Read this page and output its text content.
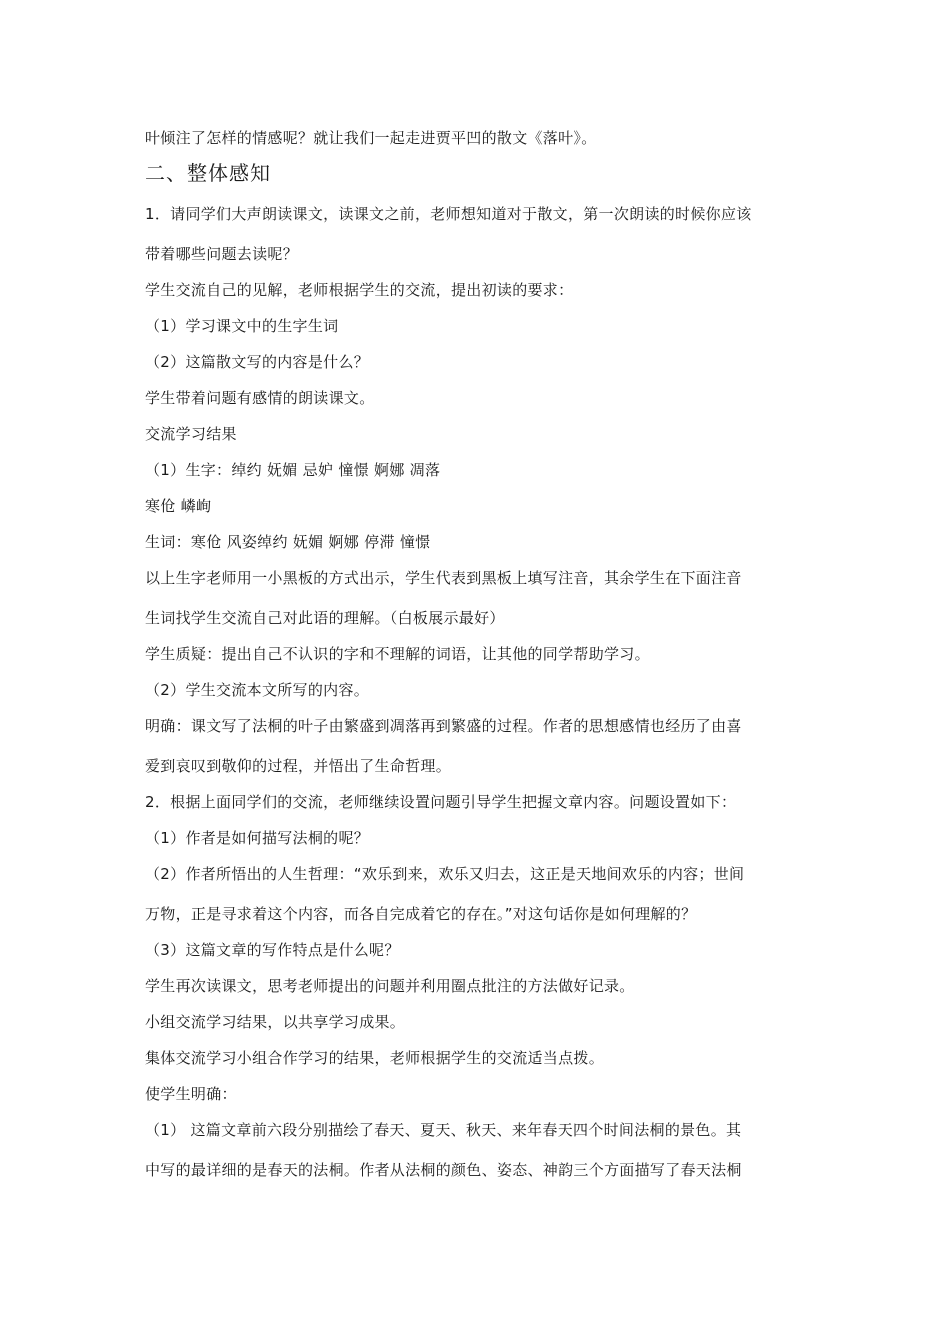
叶倾注了怎样的情感呢？就让我们一起走进贾平凹的散文《落叶》。
二、整体感知
1．请同学们大声朗读课文，读课文之前，老师想知道对于散文，第一次朗读的时候你应该
带着哪些问题去读呢？
学生交流自己的见解，老师根据学生的交流，提出初读的要求：
（1）学习课文中的生字生词
（2）这篇散文写的内容是什么？
学生带着问题有感情的朗读课文。
交流学习结果
（1）生字：绰约 妩媚 忌妒 憧憬 婀娜 凋落
寒伧 嶙峋
生词：寒伧 风姿绰约 妩媚 婀娜 停滞 憧憬
以上生字老师用一小黑板的方式出示，学生代表到黑板上填写注音，其余学生在下面注音
生词找学生交流自己对此语的理解。（白板展示最好）
学生质疑：提出自己不认识的字和不理解的词语，让其他的同学帮助学习。
（2）学生交流本文所写的内容。
明确：课文写了法桐的叶子由繁盛到凋落再到繁盛的过程。作者的思想感情也经历了由喜
爱到哀叹到敬仰的过程，并悟出了生命哲理。
2．根据上面同学们的交流，老师继续设置问题引导学生把握文章内容。问题设置如下：
（1）作者是如何描写法桐的呢？
（2）作者所悟出的人生哲理：“欢乐到来，欢乐又归去，这正是天地间欢乐的内容；世间
万物，正是寻求着这个内容，而各自完成着它的存在。”对这句话你是如何理解的？
（3）这篇文章的写作特点是什么呢？
学生再次读课文，思考老师提出的问题并利用圈点批注的方法做好记录。
小组交流学习结果，以共享学习成果。
集体交流学习小组合作学习的结果，老师根据学生的交流适当点拨。
使学生明确：
（1） 这篇文章前六段分别描绘了春天、夏天、秋天、来年春天四个时间法桐的景色。其
中写的最详细的是春天的法桐。作者从法桐的颜色、姿态、神韵三个方面描写了春天法桐
